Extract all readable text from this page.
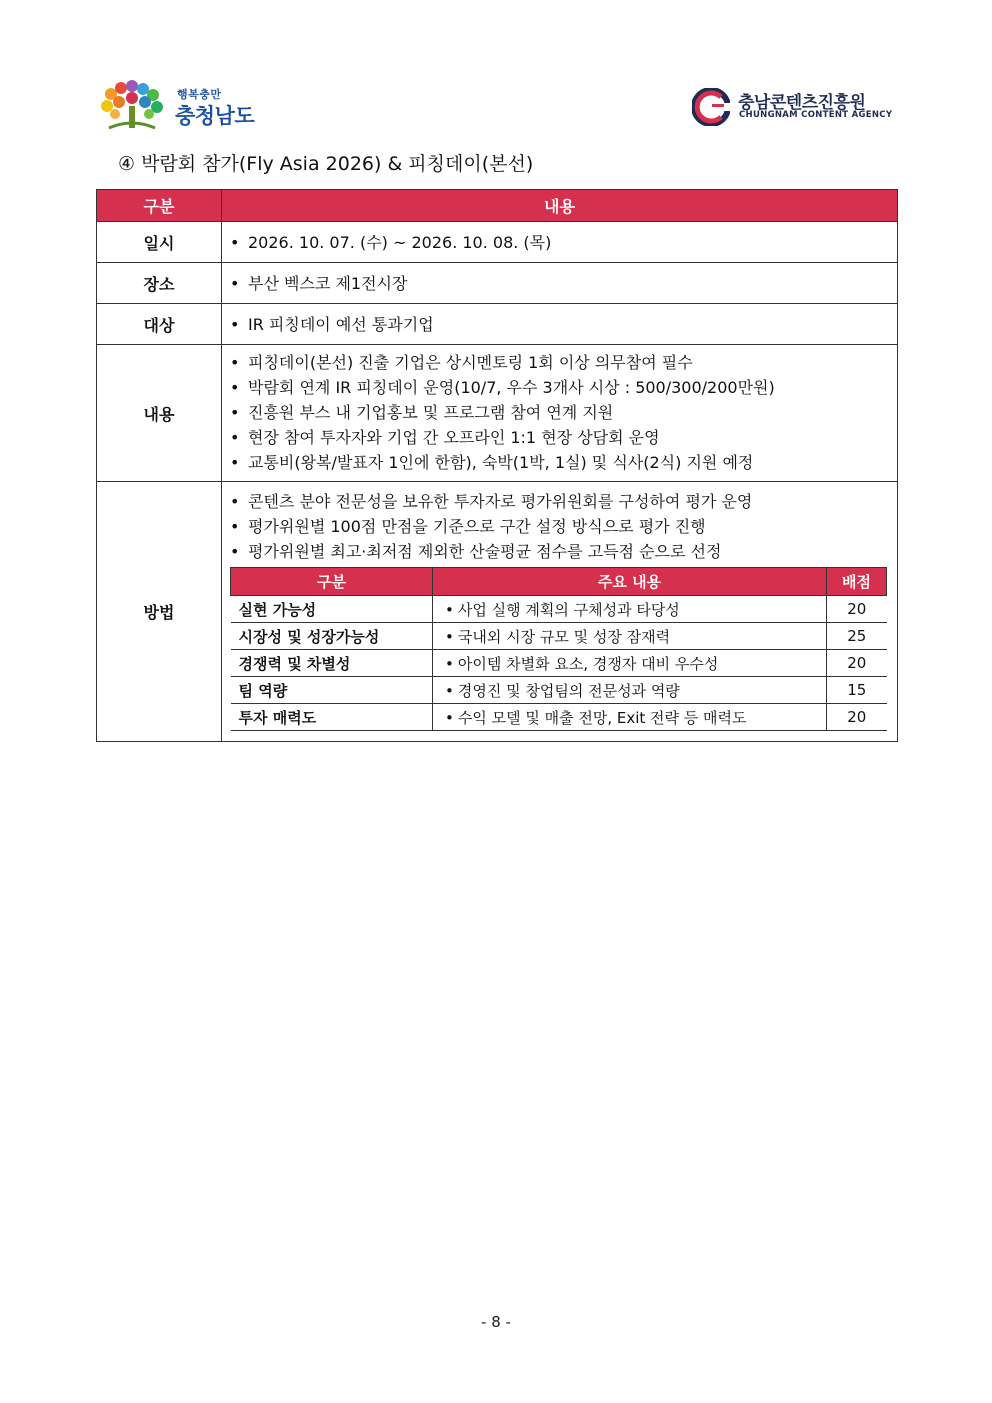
행복충만
충청남도
충남콘텐츠진흥원
CHUNGNAM CONTENT AGENCY
④ 박람회 참가(Fly Asia 2026) & 피칭데이(본선)
구분	내용
일시	
•2026. 10. 07. (수) ~ 2026. 10. 08. (목)

장소	
•부산 벡스코 제1전시장

대상	
•IR 피칭데이 예선 통과기업

내용	
• 피칭데이(본선) 진출 기업은 상시멘토링 1회 이상 의무참여 필수
• 박람회 연계 IR 피칭데이 운영(10/7, 우수 3개사 시상 : 500/300/200만원)
• 진흥원 부스 내 기업홍보 및 프로그램 참여 연계 지원
• 현장 참여 투자자와 기업 간 오프라인 1:1 현장 상담회 운영
• 교통비(왕복/발표자 1인에 한함), 숙박(1박, 1실) 및 식사(2식) 지원 예정

방법	
• 콘텐츠 분야 전문성을 보유한 투자자로 평가위원회를 구성하여 평가 운영
• 평가위원별 100점 만점을 기준으로 구간 설정 방식으로 평가 진행
• 평가위원별 최고·최저점 제외한 산술평균 점수를 고득점 순으로 선정
구분	주요 내용	배점
실현 가능성	•사업 실행 계획의 구체성과 타당성	20
시장성 및 성장가능성	•국내외 시장 규모 및 성장 잠재력	25
경쟁력 및 차별성	•아이템 차별화 요소, 경쟁자 대비 우수성	20
팀 역량	•경영진 및 창업팀의 전문성과 역량	15
투자 매력도	•수익 모델 및 매출 전망, Exit 전략 등 매력도	20
- 8 -
